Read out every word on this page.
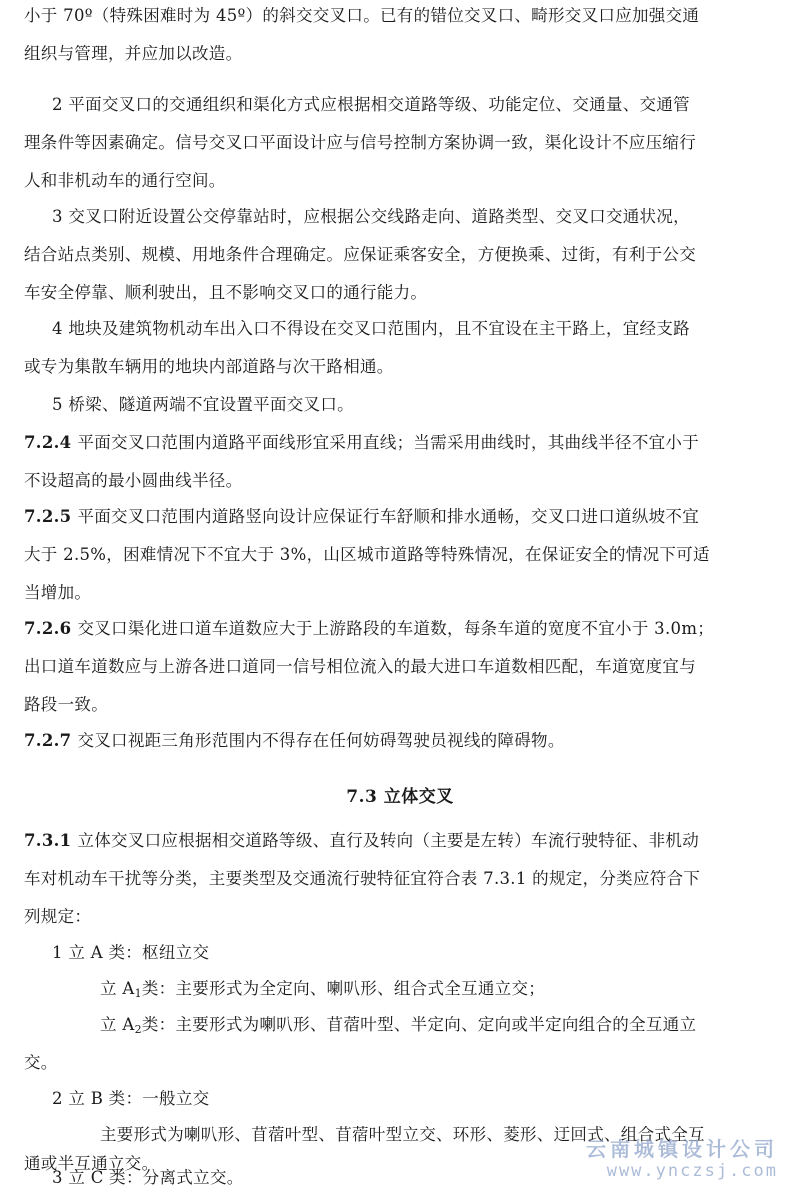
小于 70º（特殊困难时为 45º）的斜交交叉口。已有的错位交叉口、畸形交叉口应加强交通
组织与管理，并应加以改造。
2 平面交叉口的交通组织和渠化方式应根据相交道路等级、功能定位、交通量、交通管
理条件等因素确定。信号交叉口平面设计应与信号控制方案协调一致，渠化设计不应压缩行
人和非机动车的通行空间。
3 交叉口附近设置公交停靠站时，应根据公交线路走向、道路类型、交叉口交通状况，
结合站点类别、规模、用地条件合理确定。应保证乘客安全，方便换乘、过街，有利于公交
车安全停靠、顺利驶出，且不影响交叉口的通行能力。
4 地块及建筑物机动车出入口不得设在交叉口范围内，且不宜设在主干路上，宜经支路
或专为集散车辆用的地块内部道路与次干路相通。
5 桥梁、隧道两端不宜设置平面交叉口。
7.2.4 平面交叉口范围内道路平面线形宜采用直线；当需采用曲线时，其曲线半径不宜小于
不设超高的最小圆曲线半径。
7.2.5 平面交叉口范围内道路竖向设计应保证行车舒顺和排水通畅，交叉口进口道纵坡不宜
大于 2.5%，困难情况下不宜大于 3%，山区城市道路等特殊情况，在保证安全的情况下可适
当增加。
7.2.6 交叉口渠化进口道车道数应大于上游路段的车道数，每条车道的宽度不宜小于 3.0m；
出口道车道数应与上游各进口道同一信号相位流入的最大进口车道数相匹配，车道宽度宜与
路段一致。
7.2.7 交叉口视距三角形范围内不得存在任何妨碍驾驶员视线的障碍物。
7.3 立体交叉
7.3.1 立体交叉口应根据相交道路等级、直行及转向（主要是左转）车流行驶特征、非机动
车对机动车干扰等分类，主要类型及交通流行驶特征宜符合表 7.3.1 的规定，分类应符合下
列规定：
1 立 A 类：枢纽立交
立 $A_1$类：主要形式为全定向、喇叭形、组合式全互通立交；
立 $A_2$类：主要形式为喇叭形、苜蓿叶型、半定向、定向或半定向组合的全互通立
交。
2 立 B 类：一般立交
主要形式为喇叭形、苜蓿叶型、苜蓿叶型立交、环形、菱形、迂回式、组合式全互
通或半互通立交。
云南城镇设计公司
www.ynczsj.com
3 立 C 类：分离式立交。
